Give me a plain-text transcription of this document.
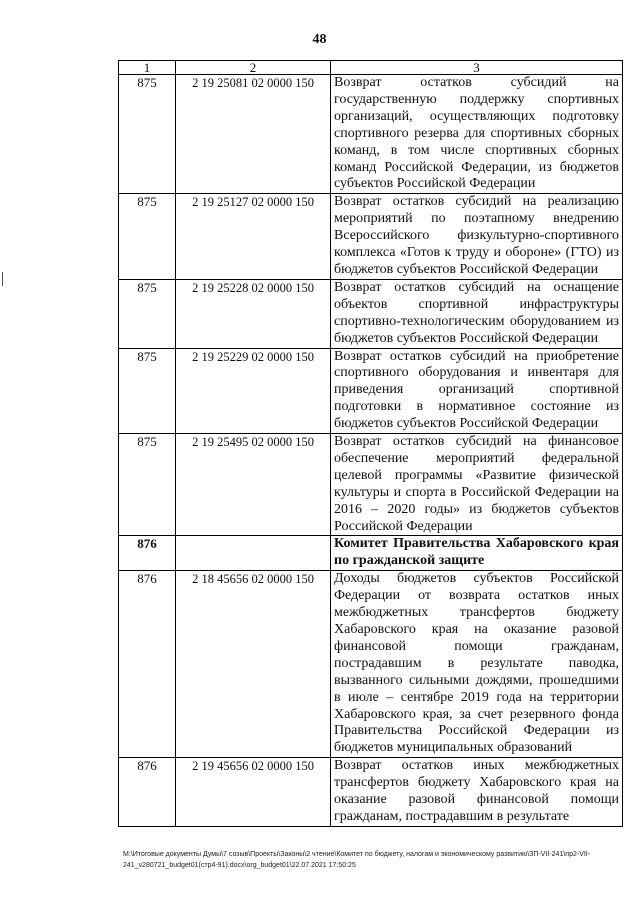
48
1	2	3
875	2 19 25081 02 0000 150	Возврат остатков субсидий на государственную поддержку спортивных организаций, осуществляющих подготовку спортивного резерва для спортивных сборных команд, в том числе спортивных сборных команд Российской Федерации, из бюджетов субъектов Российской Федерации
875	2 19 25127 02 0000 150	Возврат остатков субсидий на реализацию мероприятий по поэтапному внедрению Всероссийского физкультурно-спортивного комплекса «Готов к труду и обороне» (ГТО) из бюджетов субъектов Российской Федерации
875	2 19 25228 02 0000 150	Возврат остатков субсидий на оснащение объектов спортивной инфраструктуры спортивно-технологическим оборудованием из бюджетов субъектов Российской Федерации
875	2 19 25229 02 0000 150	Возврат остатков субсидий на приобретение спортивного оборудования и инвентаря для приведения организаций спортивной подготовки в нормативное состояние из бюджетов субъектов Российской Федерации
875	2 19 25495 02 0000 150	Возврат остатков субсидий на финансовое обеспечение мероприятий федеральной целевой программы «Развитие физической культуры и спорта в Российской Федерации на 2016 – 2020 годы» из бюджетов субъектов Российской Федерации
876		Комитет Правительства Хабаровского края по гражданской защите
876	2 18 45656 02 0000 150	Доходы бюджетов субъектов Российской Федерации от возврата остатков иных межбюджетных трансфертов бюджету Хабаровского края на оказание разовой финансовой помощи гражданам, пострадавшим в результате паводка, вызванного сильными дождями, прошедшими в июле – сентябре 2019 года на территории Хабаровского края, за счет резервного фонда Правительства Российской Федерации из бюджетов муниципальных образований
876	2 19 45656 02 0000 150	Возврат остатков иных межбюджетных трансфертов бюджету Хабаровского края на оказание разовой финансовой помощи гражданам, пострадавшим в результате
M:\Итоговые документы Думы\7 созыв\Проекты\Законы\2 чтение\Комитет по бюджету, налогам и экономическому развитию\ЗП-VII-241\пр2-VII-241_v280721_budget01(стр4-91).docx\org_budget01\22.07.2021 17:50:25
